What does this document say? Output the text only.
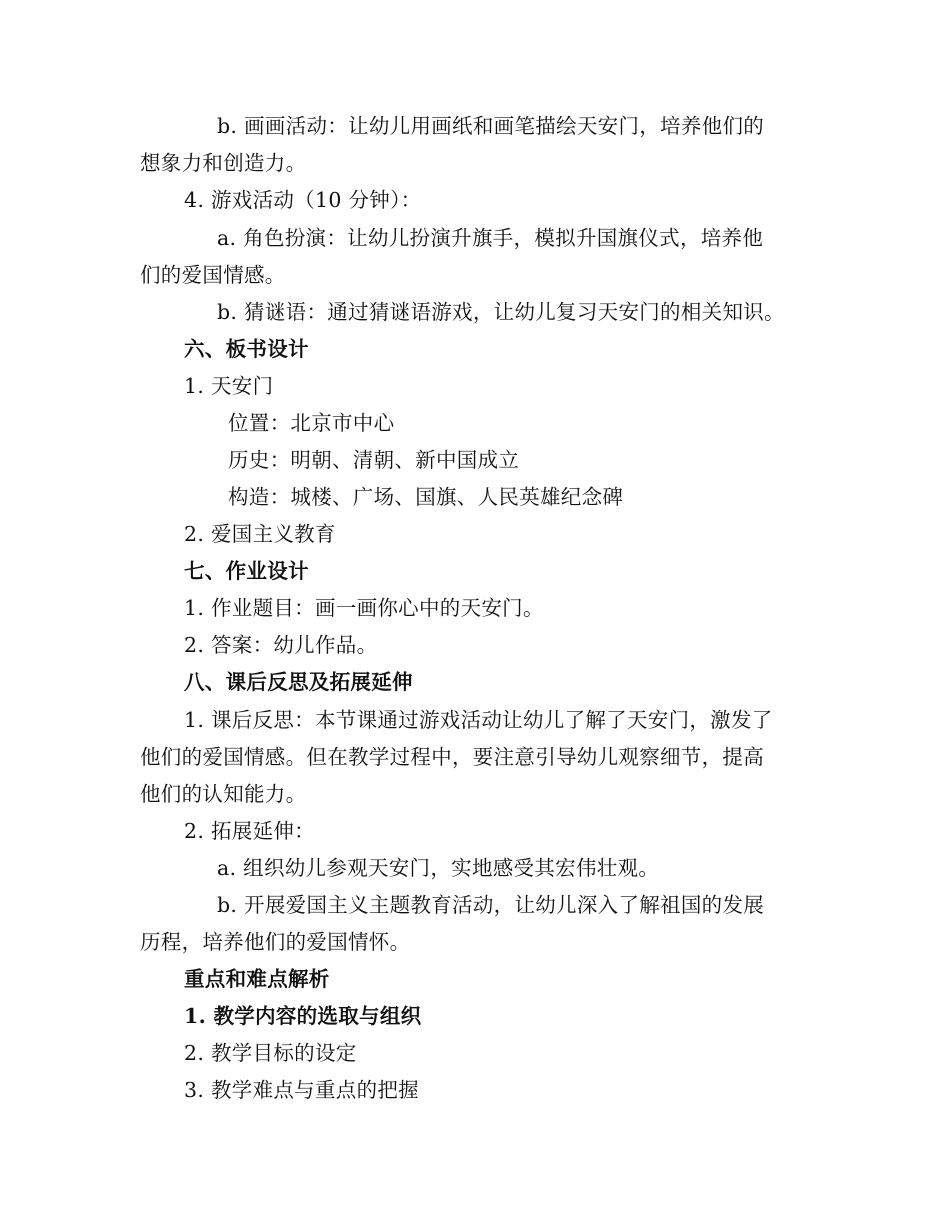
b. 画画活动：让幼儿用画纸和画笔描绘天安门，培养他们的
想象力和创造力。
4. 游戏活动（10 分钟）：
a. 角色扮演：让幼儿扮演升旗手，模拟升国旗仪式，培养他
们的爱国情感。
b. 猜谜语：通过猜谜语游戏，让幼儿复习天安门的相关知识。
六、板书设计
1. 天安门
位置：北京市中心
历史：明朝、清朝、新中国成立
构造：城楼、广场、国旗、人民英雄纪念碑
2. 爱国主义教育
七、作业设计
1. 作业题目：画一画你心中的天安门。
2. 答案：幼儿作品。
八、课后反思及拓展延伸
1. 课后反思：本节课通过游戏活动让幼儿了解了天安门，激发了
他们的爱国情感。但在教学过程中，要注意引导幼儿观察细节，提高
他们的认知能力。
2. 拓展延伸：
a. 组织幼儿参观天安门，实地感受其宏伟壮观。
b. 开展爱国主义主题教育活动，让幼儿深入了解祖国的发展
历程，培养他们的爱国情怀。
重点和难点解析
1. 教学内容的选取与组织
2. 教学目标的设定
3. 教学难点与重点的把握
